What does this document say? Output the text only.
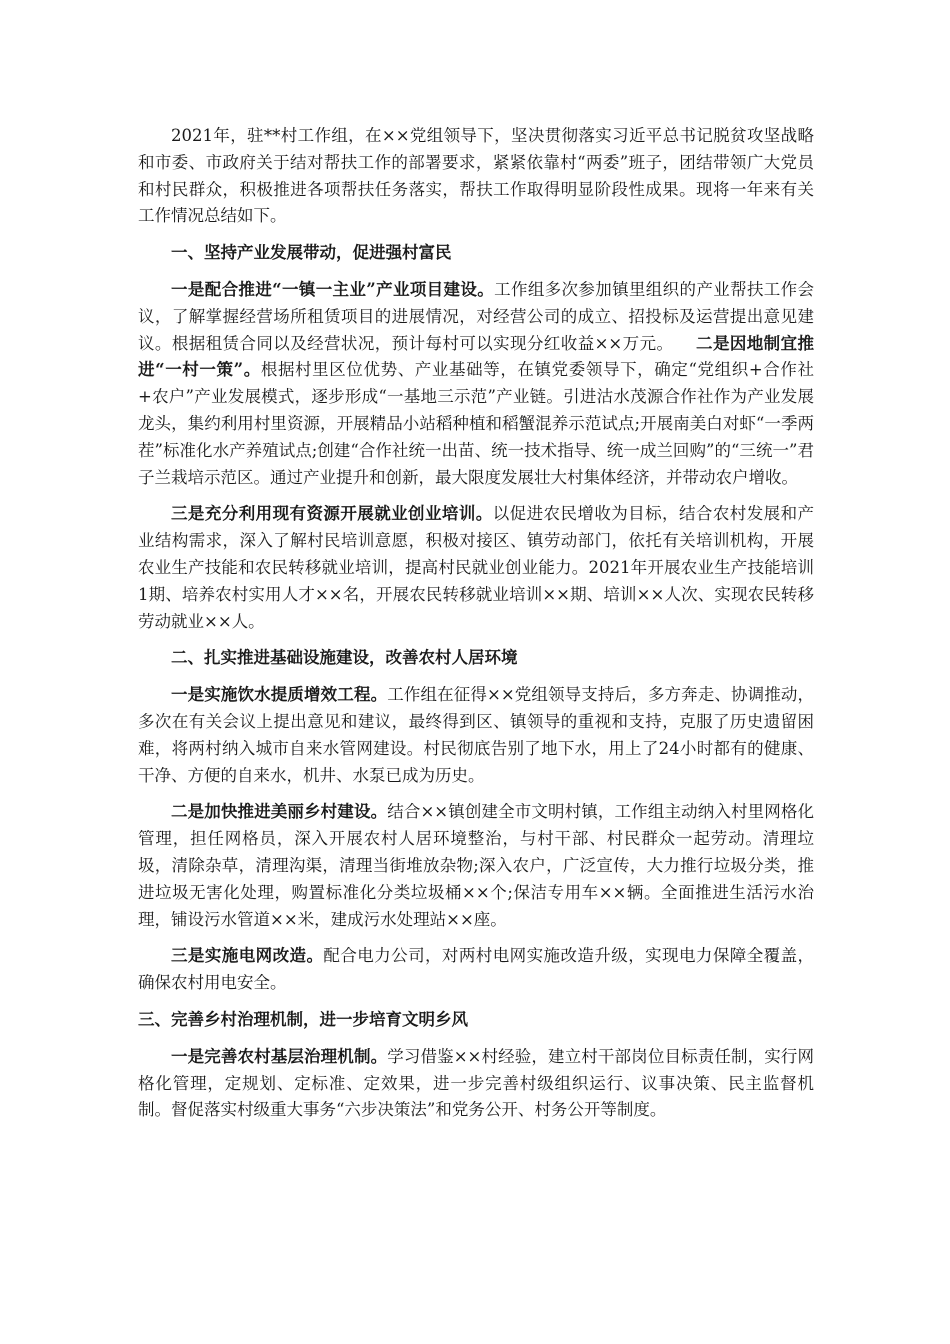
2021年，驻**村工作组，在××党组领导下，坚决贯彻落实习近平总书记脱贫攻坚战略和市委、市政府关于结对帮扶工作的部署要求，紧紧依靠村“两委”班子，团结带领广大党员和村民群众，积极推进各项帮扶任务落实，帮扶工作取得明显阶段性成果。现将一年来有关工作情况总结如下。

一、坚持产业发展带动，促进强村富民

一是配合推进“一镇一主业”产业项目建设。工作组多次参加镇里组织的产业帮扶工作会议，了解掌握经营场所租赁项目的进展情况，对经营公司的成立、招投标及运营提出意见建议。根据租赁合同以及经营状况，预计每村可以实现分红收益××万元。 二是因地制宜推进“一村一策”。根据村里区位优势、产业基础等，在镇党委领导下，确定“党组织+合作社+农户”产业发展模式，逐步形成“一基地三示范”产业链。引进沽水茂源合作社作为产业发展龙头，集约利用村里资源，开展精品小站稻种植和稻蟹混养示范试点;开展南美白对虾“一季两茬”标准化水产养殖试点;创建“合作社统一出苗、统一技术指导、统一成兰回购”的“三统一”君子兰栽培示范区。通过产业提升和创新，最大限度发展壮大村集体经济，并带动农户增收。

三是充分利用现有资源开展就业创业培训。以促进农民增收为目标，结合农村发展和产业结构需求，深入了解村民培训意愿，积极对接区、镇劳动部门，依托有关培训机构，开展农业生产技能和农民转移就业培训，提高村民就业创业能力。2021年开展农业生产技能培训1期、培养农村实用人才××名，开展农民转移就业培训××期、培训××人次、实现农民转移劳动就业××人。

二、扎实推进基础设施建设，改善农村人居环境

一是实施饮水提质增效工程。工作组在征得××党组领导支持后，多方奔走、协调推动，多次在有关会议上提出意见和建议，最终得到区、镇领导的重视和支持，克服了历史遗留困难，将两村纳入城市自来水管网建设。村民彻底告别了地下水，用上了24小时都有的健康、干净、方便的自来水，机井、水泵已成为历史。

二是加快推进美丽乡村建设。结合××镇创建全市文明村镇，工作组主动纳入村里网格化管理，担任网格员，深入开展农村人居环境整治，与村干部、村民群众一起劳动。清理垃圾，清除杂草，清理沟渠，清理当街堆放杂物;深入农户，广泛宣传，大力推行垃圾分类，推进垃圾无害化处理，购置标准化分类垃圾桶××个;保洁专用车××辆。全面推进生活污水治理，铺设污水管道××米，建成污水处理站××座。

三是实施电网改造。配合电力公司，对两村电网实施改造升级，实现电力保障全覆盖，确保农村用电安全。

三、完善乡村治理机制，进一步培育文明乡风

一是完善农村基层治理机制。学习借鉴××村经验，建立村干部岗位目标责任制，实行网格化管理，定规划、定标准、定效果，进一步完善村级组织运行、议事决策、民主监督机制。督促落实村级重大事务“六步决策法”和党务公开、村务公开等制度。
